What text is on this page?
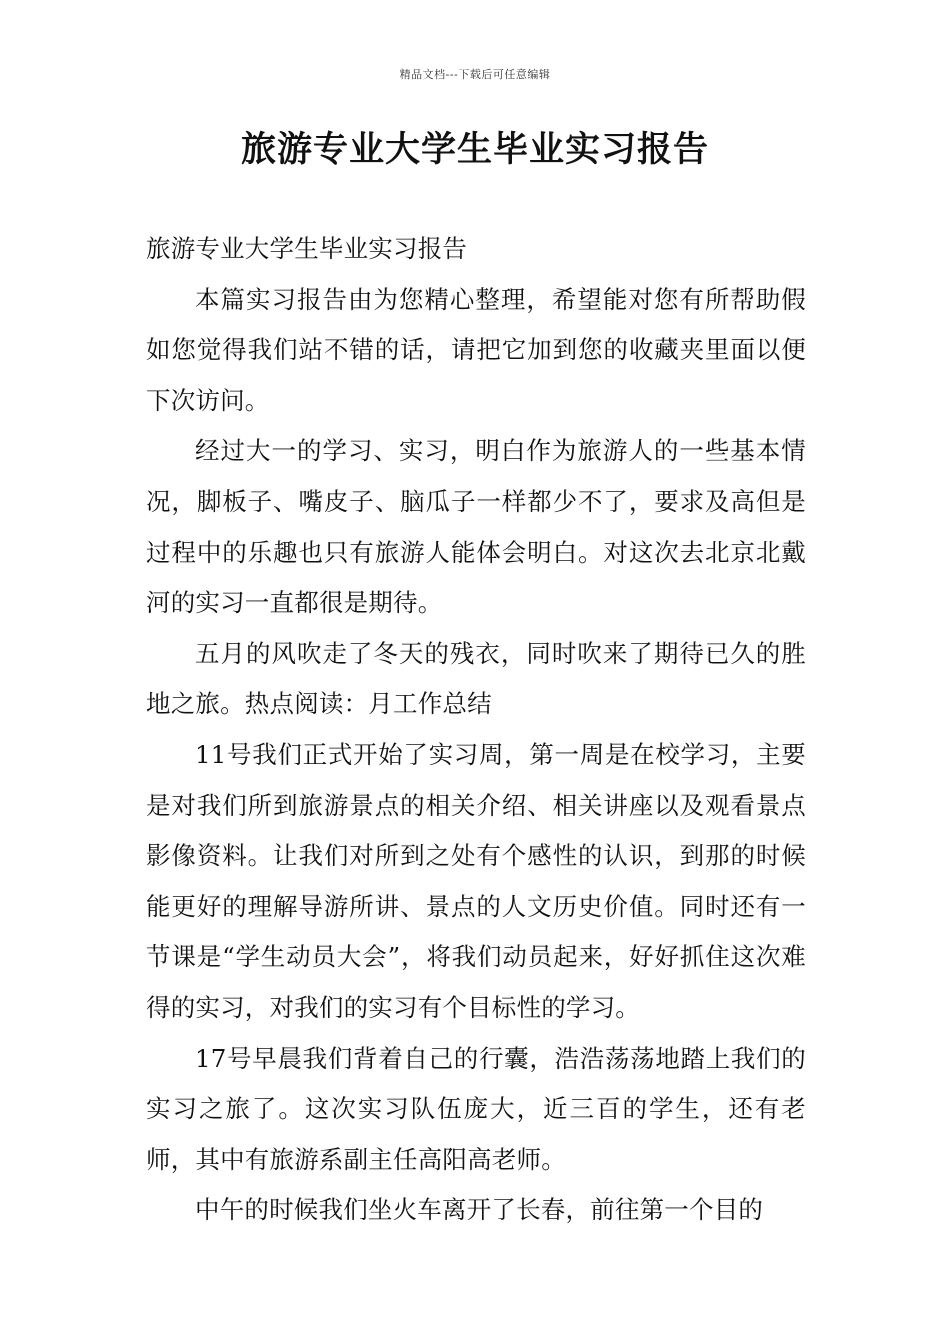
精品文档---下载后可任意编辑
旅游专业大学生毕业实习报告

旅游专业大学生毕业实习报告

本篇实习报告由为您精心整理，希望能对您有所帮助假如您觉得我们站不错的话，请把它加到您的收藏夹里面以便下次访问。

经过大一的学习、实习，明白作为旅游人的一些基本情况，脚板子、嘴皮子、脑瓜子一样都少不了，要求及高但是过程中的乐趣也只有旅游人能体会明白。对这次去北京北戴河的实习一直都很是期待。

五月的风吹走了冬天的残衣，同时吹来了期待已久的胜地之旅。热点阅读：月工作总结

11号我们正式开始了实习周，第一周是在校学习，主要是对我们所到旅游景点的相关介绍、相关讲座以及观看景点影像资料。让我们对所到之处有个感性的认识，到那的时候能更好的理解导游所讲、景点的人文历史价值。同时还有一节课是“学生动员大会”，将我们动员起来，好好抓住这次难得的实习，对我们的实习有个目标性的学习。

17号早晨我们背着自己的行囊，浩浩荡荡地踏上我们的实习之旅了。这次实习队伍庞大，近三百的学生，还有老师，其中有旅游系副主任高阳高老师。

中午的时候我们坐火车离开了长春，前往第一个目的
